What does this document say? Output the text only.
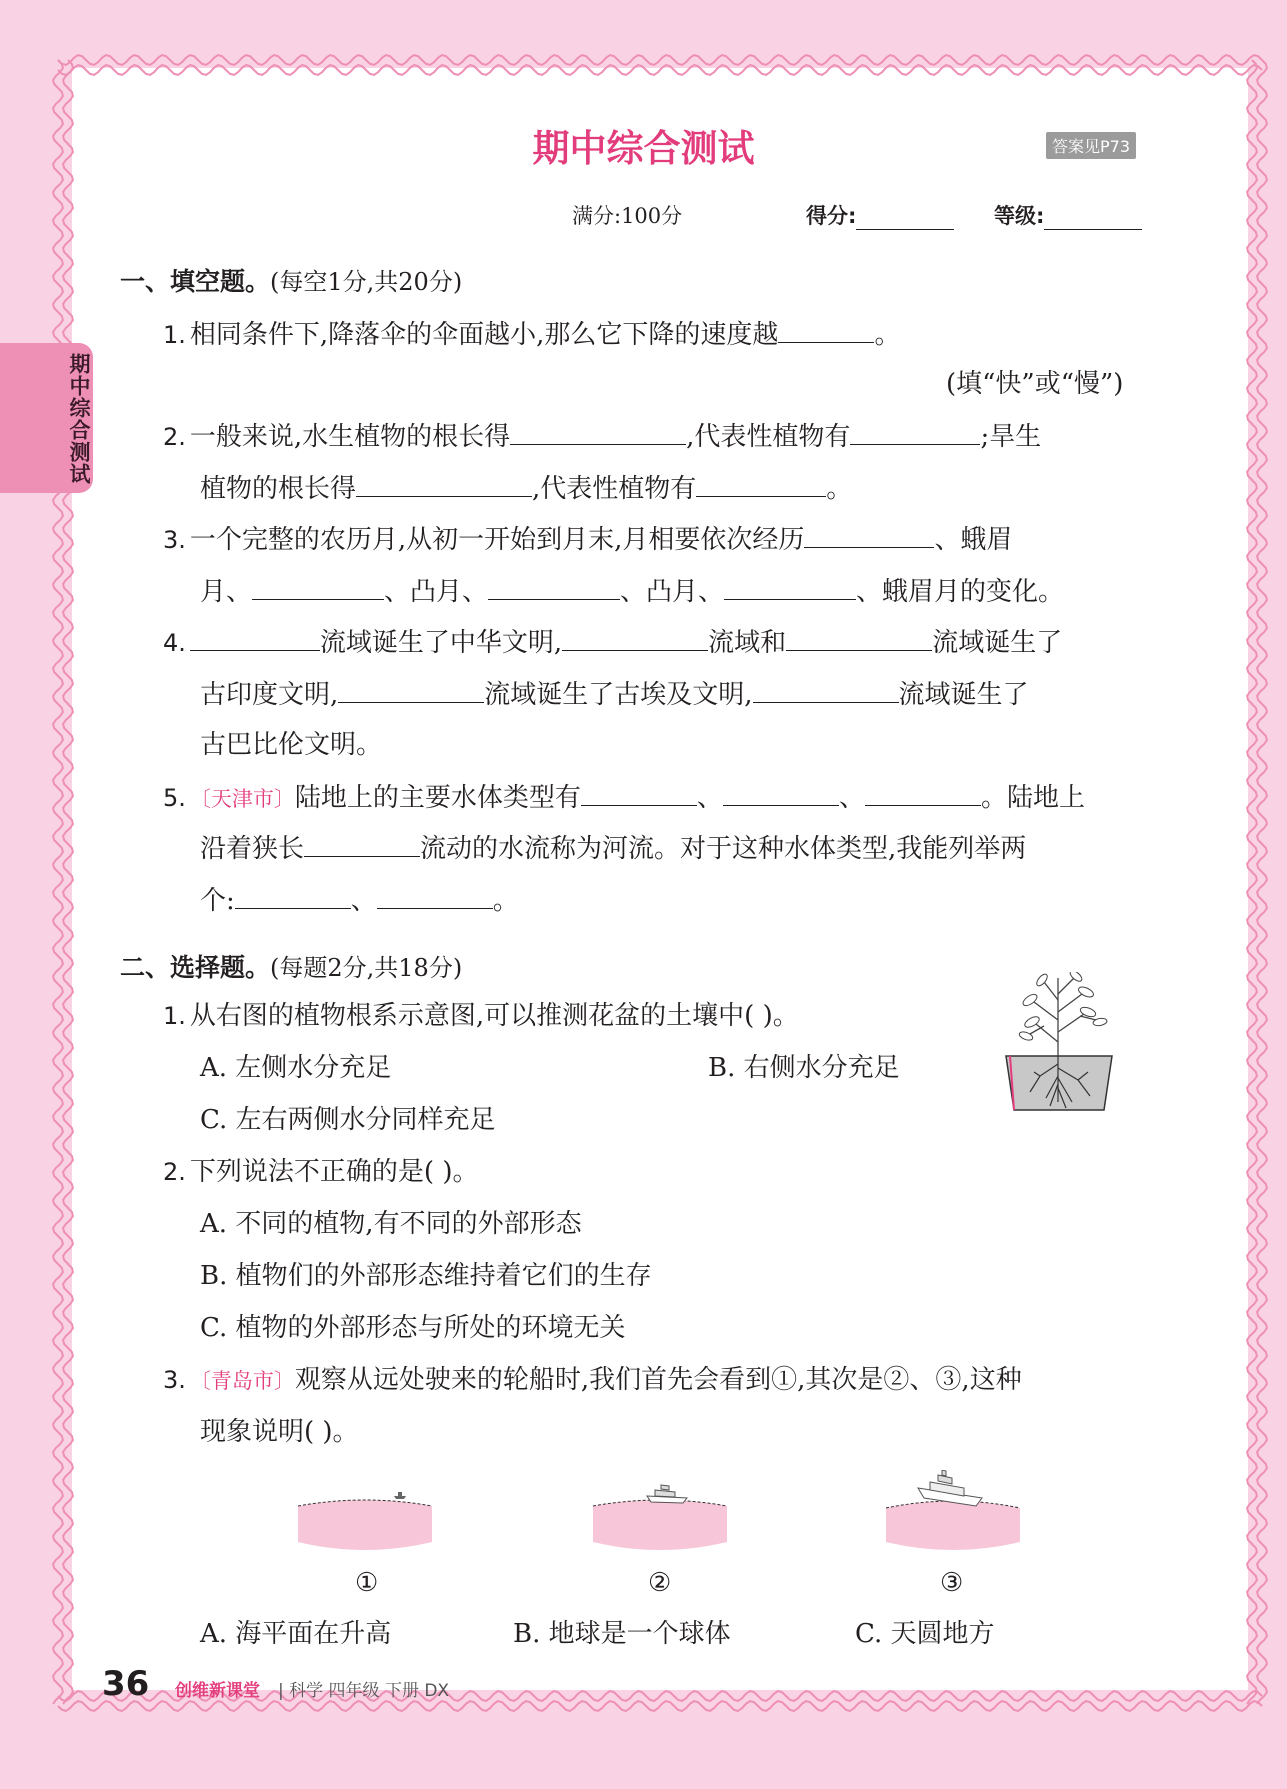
期中综合测试
期中综合测试	答案见P73
满分:100分	得分:	等级:
一、填空题。(每空1分,共20分)
1. 相同条件下,降落伞的伞面越小,那么它下降的速度越	。
(填“快”或“慢”)
2. 一般来说,水生植物的根长得	,代表性植物有	;旱生
植物的根长得	,代表性植物有	。
3. 一个完整的农历月,从初一开始到月末,月相要依次经历	、蛾眉
月、	、凸月、	、凸月、	、蛾眉月的变化。
4.	流域诞生了中华文明,	流域和	流域诞生了
古印度文明,	流域诞生了古埃及文明,	流域诞生了
古巴比伦文明。
5. 〔天津市〕陆地上的主要水体类型有	、	、	。陆地上
沿着狭长	流动的水流称为河流。对于这种水体类型,我能列举两
个:	、	。
二、选择题。(每题2分,共18分)
1. 从右图的植物根系示意图,可以推测花盆的土壤中( )。
A. 左侧水分充足	B. 右侧水分充足
C. 左右两侧水分同样充足
2. 下列说法不正确的是( )。
A. 不同的植物,有不同的外部形态
B. 植物们的外部形态维持着它们的生存
C. 植物的外部形态与所处的环境无关
3. 〔青岛市〕观察从远处驶来的轮船时,我们首先会看到①,其次是②、③,这种
现象说明( )。
①	②	③
A. 海平面在升高	B. 地球是一个球体	C. 天圆地方
36 创维新课堂 | 科学 四年级 下册 DX
